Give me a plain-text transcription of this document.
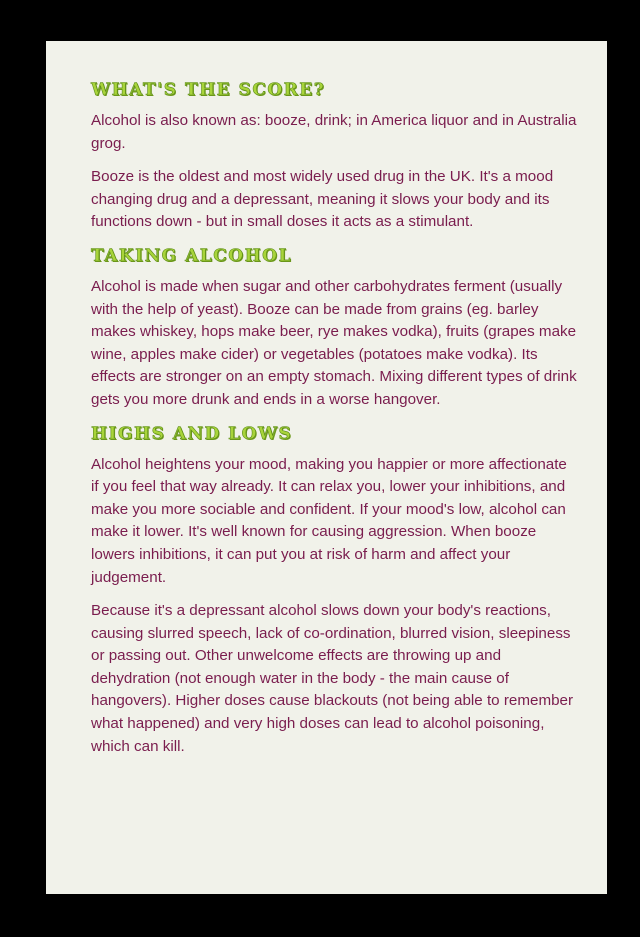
WHAT'S THE SCORE?

Alcohol is also known as: booze, drink; in America liquor and in Australia grog.

Booze is the oldest and most widely used drug in the UK. It's a mood changing drug and a depressant, meaning it slows your body and its functions down - but in small doses it acts as a stimulant.

TAKING ALCOHOL

Alcohol is made when sugar and other carbohydrates ferment (usually with the help of yeast). Booze can be made from grains (eg. barley makes whiskey, hops make beer, rye makes vodka), fruits (grapes make wine, apples make cider) or vegetables (potatoes make vodka). Its effects are stronger on an empty stomach. Mixing different types of drink gets you more drunk and ends in a worse hangover.

HIGHS AND LOWS

Alcohol heightens your mood, making you happier or more affectionate if you feel that way already. It can relax you, lower your inhibitions, and make you more sociable and confident. If your mood's low, alcohol can make it lower. It's well known for causing aggression. When booze lowers inhibitions, it can put you at risk of harm and affect your judgement.

Because it's a depressant alcohol slows down your body's reactions, causing slurred speech, lack of co-ordination, blurred vision, sleepiness or passing out. Other unwelcome effects are throwing up and dehydration (not enough water in the body - the main cause of hangovers). Higher doses cause blackouts (not being able to remember what happened) and very high doses can lead to alcohol poisoning, which can kill.
